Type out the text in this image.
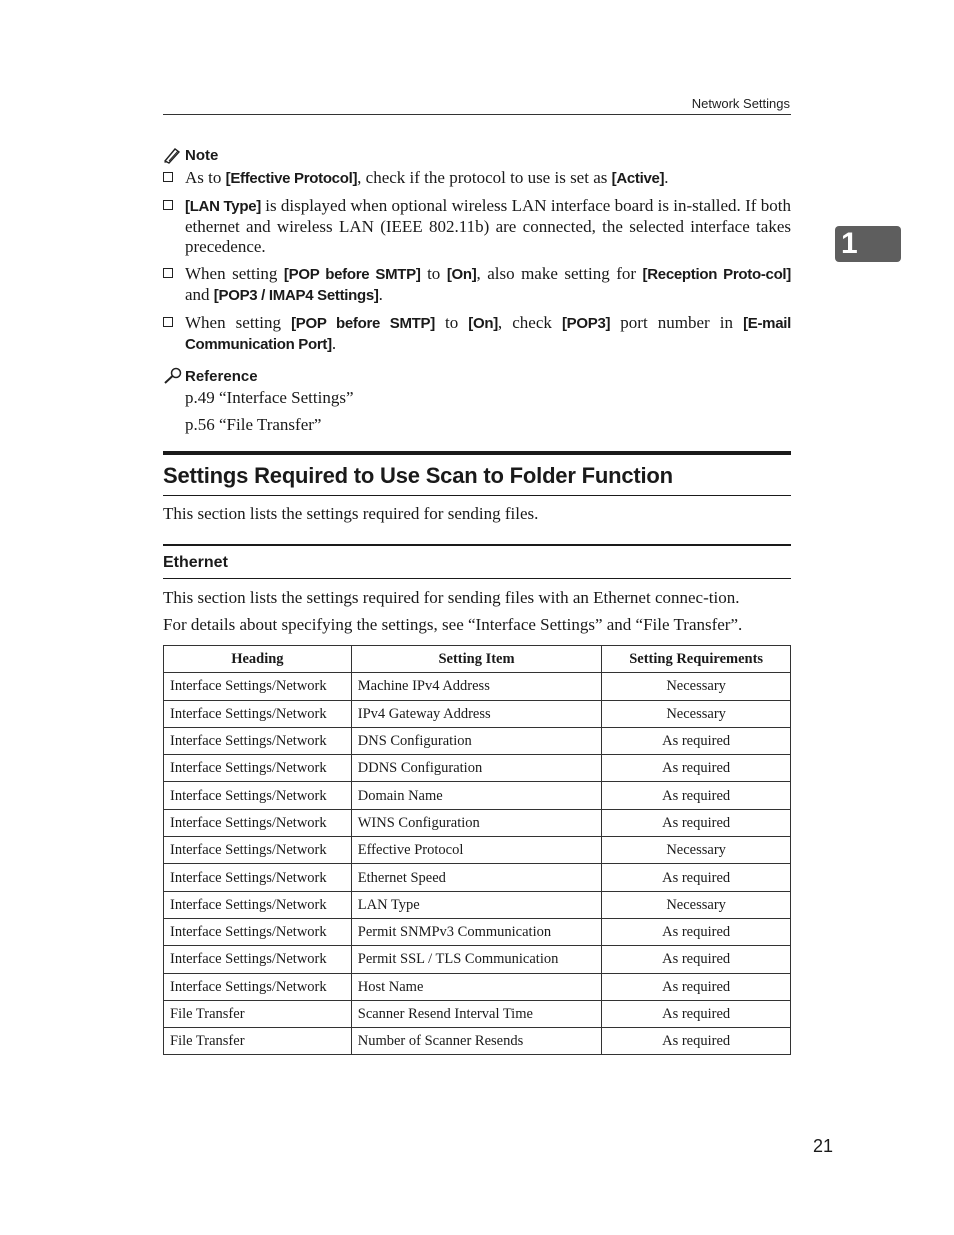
Network Settings
1
Note
As to [Effective Protocol], check if the protocol to use is set as [Active].
[LAN Type] is displayed when optional wireless LAN interface board is in-stalled. If both ethernet and wireless LAN (IEEE 802.11b) are connected, the selected interface takes precedence.
When setting [POP before SMTP] to [On], also make setting for [Reception Proto-col] and [POP3 / IMAP4 Settings].
When setting [POP before SMTP] to [On], check [POP3] port number in [E-mail Communication Port].
Reference
p.49 “Interface Settings”
p.56 “File Transfer”
Settings Required to Use Scan to Folder Function

This section lists the settings required for sending files.

Ethernet

This section lists the settings required for sending files with an Ethernet connec-tion.

For details about specifying the settings, see “Interface Settings” and “File Transfer”.

Heading	Setting Item	Setting Requirements
Interface Settings/Network	Machine IPv4 Address	Necessary
Interface Settings/Network	IPv4 Gateway Address	Necessary
Interface Settings/Network	DNS Configuration	As required
Interface Settings/Network	DDNS Configuration	As required
Interface Settings/Network	Domain Name	As required
Interface Settings/Network	WINS Configuration	As required
Interface Settings/Network	Effective Protocol	Necessary
Interface Settings/Network	Ethernet Speed	As required
Interface Settings/Network	LAN Type	Necessary
Interface Settings/Network	Permit SNMPv3 Communication	As required
Interface Settings/Network	Permit SSL / TLS Communication	As required
Interface Settings/Network	Host Name	As required
File Transfer	Scanner Resend Interval Time	As required
File Transfer	Number of Scanner Resends	As required
21
